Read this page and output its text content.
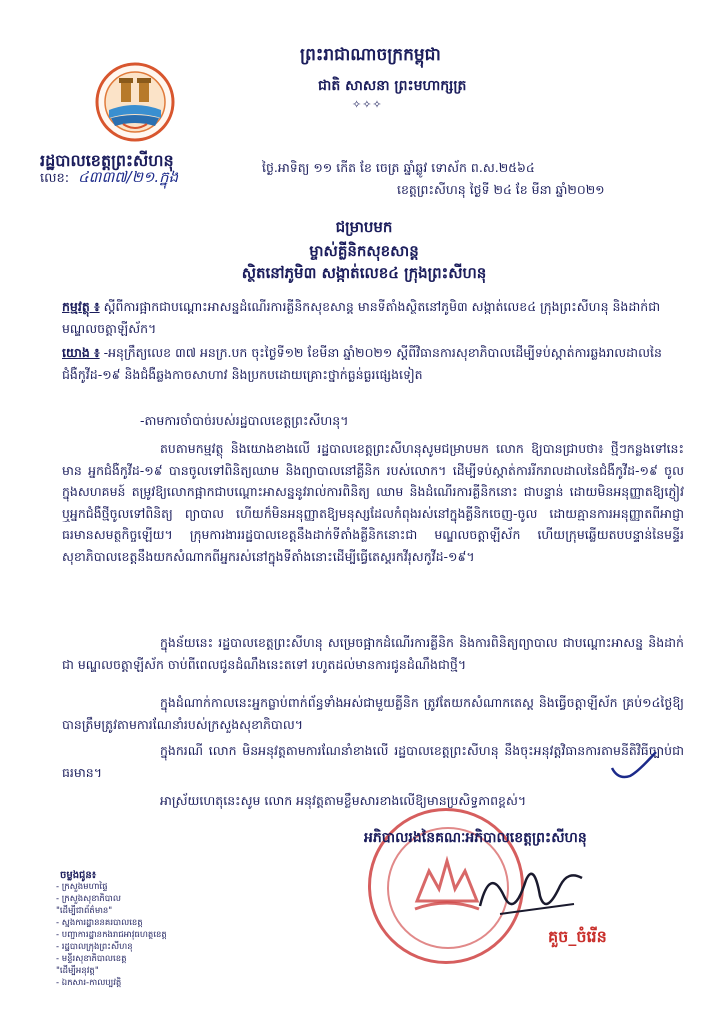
ព្រះរាជាណាចក្រកម្ពុជា
ជាតិ សាសនា ព្រះមហាក្សត្រ
✧✧✧
រដ្ឋបាលខេត្តព្រះសីហនុ
លេខ: ៤៣៣៧/២១.ក្នុង
ថ្ងៃ.អាទិត្យ ១១ កើត ខែ ចេត្រ ឆ្នាំឆ្លូវ ទោស័ក ព.ស.២៥៦៤
ខេត្តព្រះសីហនុ ថ្ងៃទី ២៤ ខែ មីនា ឆ្នាំ២០២១
ជម្រាបមក
ម្ចាស់គ្លីនិកសុខសាន្ត
ស្ថិតនៅភូមិ៣ សង្កាត់លេខ៤ ក្រុងព្រះសីហនុ
កម្មវត្ថុ ៖ ស្តីពីការផ្អាកជាបណ្តោះអាសន្នដំណើរការគ្លីនិកសុខសាន្ត មានទីតាំងស្ថិតនៅភូមិ៣ សង្កាត់លេខ៤ ក្រុងព្រះសីហនុ និងដាក់ជាមណ្ឌលចត្តាឡីស័ក។
យោង ៖ -អនុក្រឹត្យលេខ ៣៧ អនក្រ.បក ចុះថ្ងៃទី១២ ខែមីនា ឆ្នាំ២០២១ ស្តីពីវិធានការសុខាភិបាលដើម្បីទប់ស្កាត់ការឆ្លងរាលដាលនៃជំងឺកូវីដ-១៩ និងជំងឺឆ្លងកាចសាហាវ និងប្រកបដោយគ្រោះថ្នាក់ធ្ងន់ធ្ងរផ្សេងទៀត
-តាមការចាំបាច់របស់រដ្ឋបាលខេត្តព្រះសីហនុ។
តបតាមកម្មវត្ថុ និងយោងខាងលើ រដ្ឋបាលខេត្តព្រះសីហនុសូមជម្រាបមក លោក ឱ្យបានជ្រាបថា៖ ថ្មីៗកន្លងទៅនេះមាន អ្នកជំងឺកូវីដ-១៩ បានចូលទៅពិនិត្យឈាម និងព្យាបាលនៅគ្លីនិក របស់លោក។ ដើម្បីទប់ស្កាត់ការរីករាលដាលនៃជំងឺកូវីដ-១៩ ចូលក្នុងសហគមន៍ តម្រូវឱ្យលោកផ្អាកជាបណ្តោះអាសន្ននូវរាល់ការពិនិត្យ ឈាម និងដំណើរការគ្លីនិកនោះ ជាបន្ទាន់ ដោយមិនអនុញ្ញាតឱ្យភ្ញៀវ ឬអ្នកជំងឺថ្មីចូលទៅពិនិត្យ ព្យាបាល ហើយក៏មិនអនុញ្ញាតឱ្យមនុស្សដែលកំពុងរស់នៅក្នុងគ្លីនិកចេញ-ចូល ដោយគ្មានការអនុញ្ញាតពីអាជ្ញាធរមានសមត្ថកិច្ចឡើយ។ ក្រុមការងាររដ្ឋបាលខេត្តនឹងដាក់ទីតាំងគ្លីនិកនោះជា មណ្ឌលចត្តាឡីស័ក ហើយក្រុមឆ្លើយតបបន្ទាន់នៃមន្ទីរសុខាភិបាលខេត្តនឹងយកសំណាកពីអ្នករស់នៅក្នុងទីតាំងនោះដើម្បីធ្វើតេស្តរកវីរុសកូវីដ-១៩។
ក្នុងន័យនេះ រដ្ឋបាលខេត្តព្រះសីហនុ សម្រេចផ្អាកដំណើរការគ្លីនិក និងការពិនិត្យព្យាបាល ជាបណ្តោះអាសន្ន និងដាក់ជា មណ្ឌលចត្តាឡីស័ក ចាប់ពីពេលជូនដំណឹងនេះតទៅ រហូតដល់មានការជូនដំណឹងជាថ្មី។
ក្នុងដំណាក់កាលនេះអ្នកធ្លាប់ពាក់ព័ន្ធទាំងអស់ជាមួយគ្លីនិក ត្រូវតែយកសំណាកតេស្ត និងធ្វើចត្តាឡីស័ក គ្រប់១៤ថ្ងៃឱ្យបានត្រឹមត្រូវតាមការណែនាំរបស់ក្រសួងសុខាភិបាល។
ក្នុងករណី លោក មិនអនុវត្តតាមការណែនាំខាងលើ រដ្ឋបាលខេត្តព្រះសីហនុ នឹងចុះអនុវត្តវិធានការតាមនីតិវិធីច្បាប់ជាធរមាន។
អាស្រ័យហេតុនេះសូម លោក អនុវត្តតាមខ្លឹមសារខាងលើឱ្យមានប្រសិទ្ធភាពខ្ពស់។
អភិបាលរងនៃគណៈអភិបាលខេត្តព្រះសីហនុ
គួច_ចំរើន
ចម្លងជូន៖
- ក្រសួងមហាផ្ទៃ
- ក្រសួងសុខាភិបាល
"ដើម្បីជាព័ត៌មាន"
- ស្នងការដ្ឋាននគរបាលខេត្ត
- បញ្ជាការដ្ឋានកងរាជអាវុធហត្ថខេត្ត
- រដ្ឋបាលក្រុងព្រះសីហនុ
- មន្ទីរសុខាភិបាលខេត្ត
"ដើម្បីអនុវត្ត"
- ឯកសារ-កាលប្បវត្តិ
